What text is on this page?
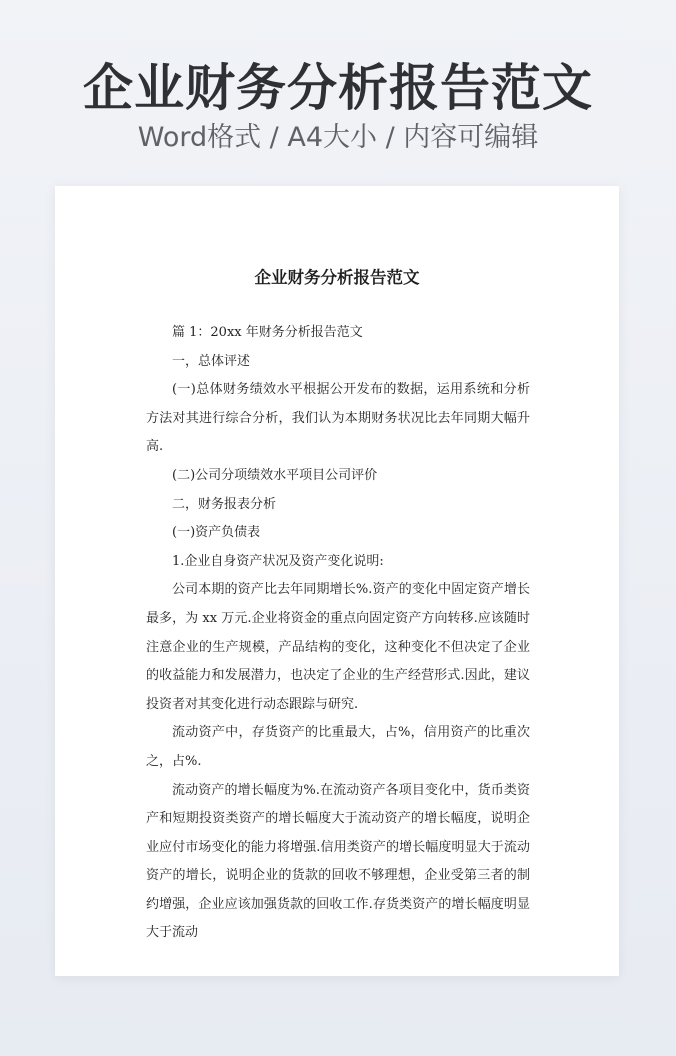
企业财务分析报告范文
Word格式 / A4大小 / 内容可编辑
企业财务分析报告范文

篇 1：20xx 年财务分析报告范文

一，总体评述

(一)总体财务绩效水平根据公开发布的数据，运用系统和分析方法对其进行综合分析，我们认为本期财务状况比去年同期大幅升高.

(二)公司分项绩效水平项目公司评价

二，财务报表分析

(一)资产负债表

1.企业自身资产状况及资产变化说明:

公司本期的资产比去年同期增长%.资产的变化中固定资产增长最多，为 xx 万元.企业将资金的重点向固定资产方向转移.应该随时注意企业的生产规模，产品结构的变化，这种变化不但决定了企业的收益能力和发展潜力，也决定了企业的生产经营形式.因此，建议投资者对其变化进行动态跟踪与研究.

流动资产中，存货资产的比重最大，占%，信用资产的比重次之，占%.

流动资产的增长幅度为%.在流动资产各项目变化中，货币类资产和短期投资类资产的增长幅度大于流动资产的增长幅度，说明企业应付市场变化的能力将增强.信用类资产的增长幅度明显大于流动资产的增长，说明企业的货款的回收不够理想，企业受第三者的制约增强，企业应该加强货款的回收工作.存货类资产的增长幅度明显大于流动
